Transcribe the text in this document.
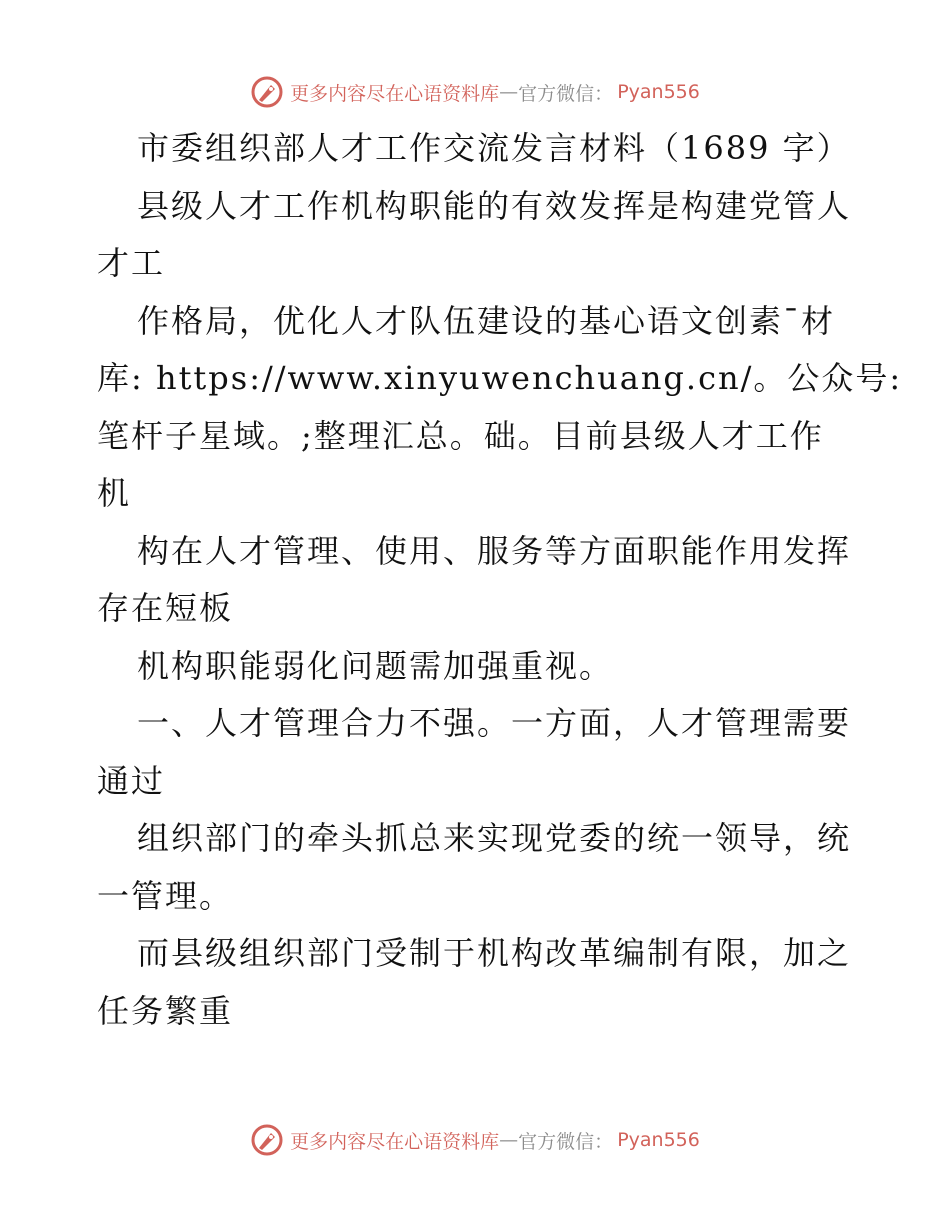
更多内容尽在心语资料库 — 官方微信： Pyan556
市委组织部人才工作交流发言材料（1689 字）
县级人才工作机构职能的有效发挥是构建党管人
才工
作格局，优化人才队伍建设的基心语文创素¯材
库: https://www.xinyuwenchuang.cn/。公众号:
笔杆子星域。;整理汇总。础。目前县级人才工作
机
构在人才管理、使用、服务等方面职能作用发挥
存在短板
机构职能弱化问题需加强重视。
一、人才管理合力不强。一方面，人才管理需要
通过
组织部门的牵头抓总来实现党委的统一领导，统
一管理。
而县级组织部门受制于机构改革编制有限，加之
任务繁重
更多内容尽在心语资料库 — 官方微信： Pyan556
